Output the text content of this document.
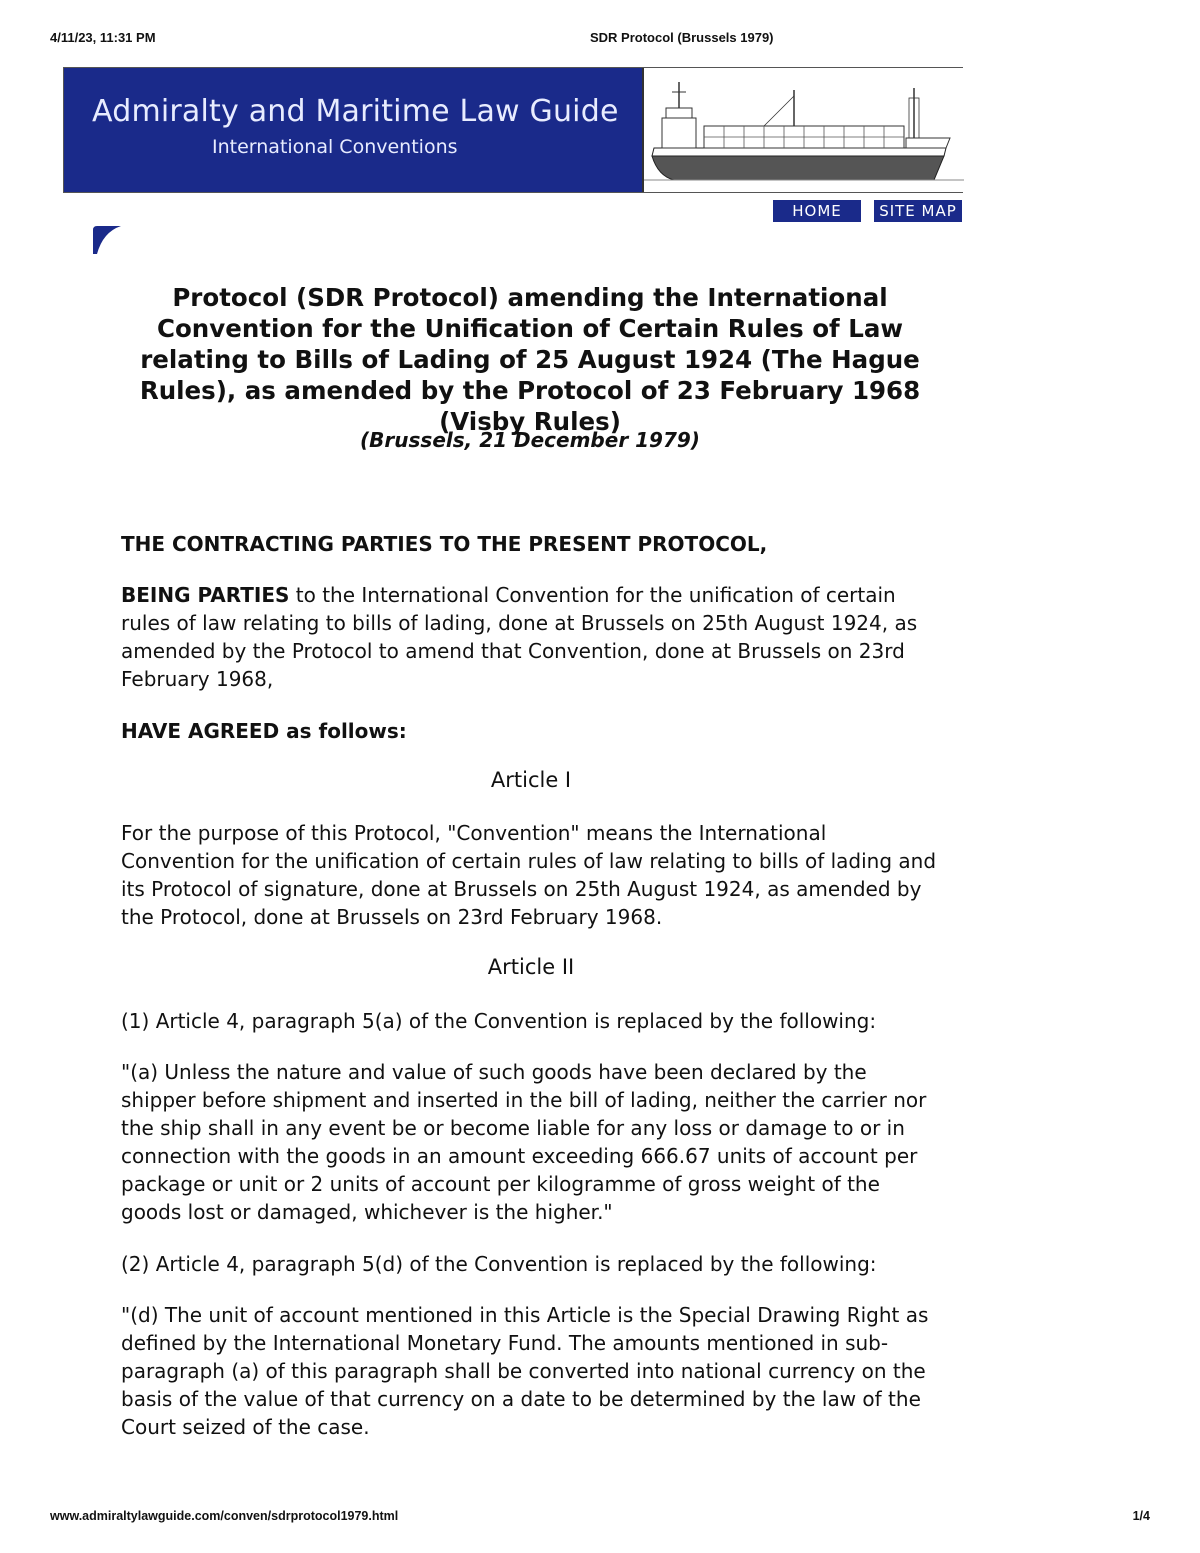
4/11/23, 11:31 PM	SDR Protocol (Brussels 1979)
Admiralty and Maritime Law Guide
International Conventions
HOME	SITE MAP
Protocol (SDR Protocol) amending the International Convention for the Unification of Certain Rules of Law relating to Bills of Lading of 25 August 1924 (The Hague Rules), as amended by the Protocol of 23 February 1968 (Visby Rules)
(Brussels, 21 December 1979)

THE CONTRACTING PARTIES TO THE PRESENT PROTOCOL,

BEING PARTIES to the International Convention for the unification of certain rules of law relating to bills of lading, done at Brussels on 25th August 1924, as amended by the Protocol to amend that Convention, done at Brussels on 23rd February 1968,

HAVE AGREED as follows:

Article I

For the purpose of this Protocol, "Convention" means the International Convention for the unification of certain rules of law relating to bills of lading and its Protocol of signature, done at Brussels on 25th August 1924, as amended by the Protocol, done at Brussels on 23rd February 1968.

Article II

(1) Article 4, paragraph 5(a) of the Convention is replaced by the following:

"(a) Unless the nature and value of such goods have been declared by the shipper before shipment and inserted in the bill of lading, neither the carrier nor the ship shall in any event be or become liable for any loss or damage to or in connection with the goods in an amount exceeding 666.67 units of account per package or unit or 2 units of account per kilogramme of gross weight of the goods lost or damaged, whichever is the higher."

(2) Article 4, paragraph 5(d) of the Convention is replaced by the following:

"(d) The unit of account mentioned in this Article is the Special Drawing Right as defined by the International Monetary Fund. The amounts mentioned in sub-paragraph (a) of this paragraph shall be converted into national currency on the basis of the value of that currency on a date to be determined by the law of the Court seized of the case.

www.admiraltylawguide.com/conven/sdrprotocol1979.html	1/4
